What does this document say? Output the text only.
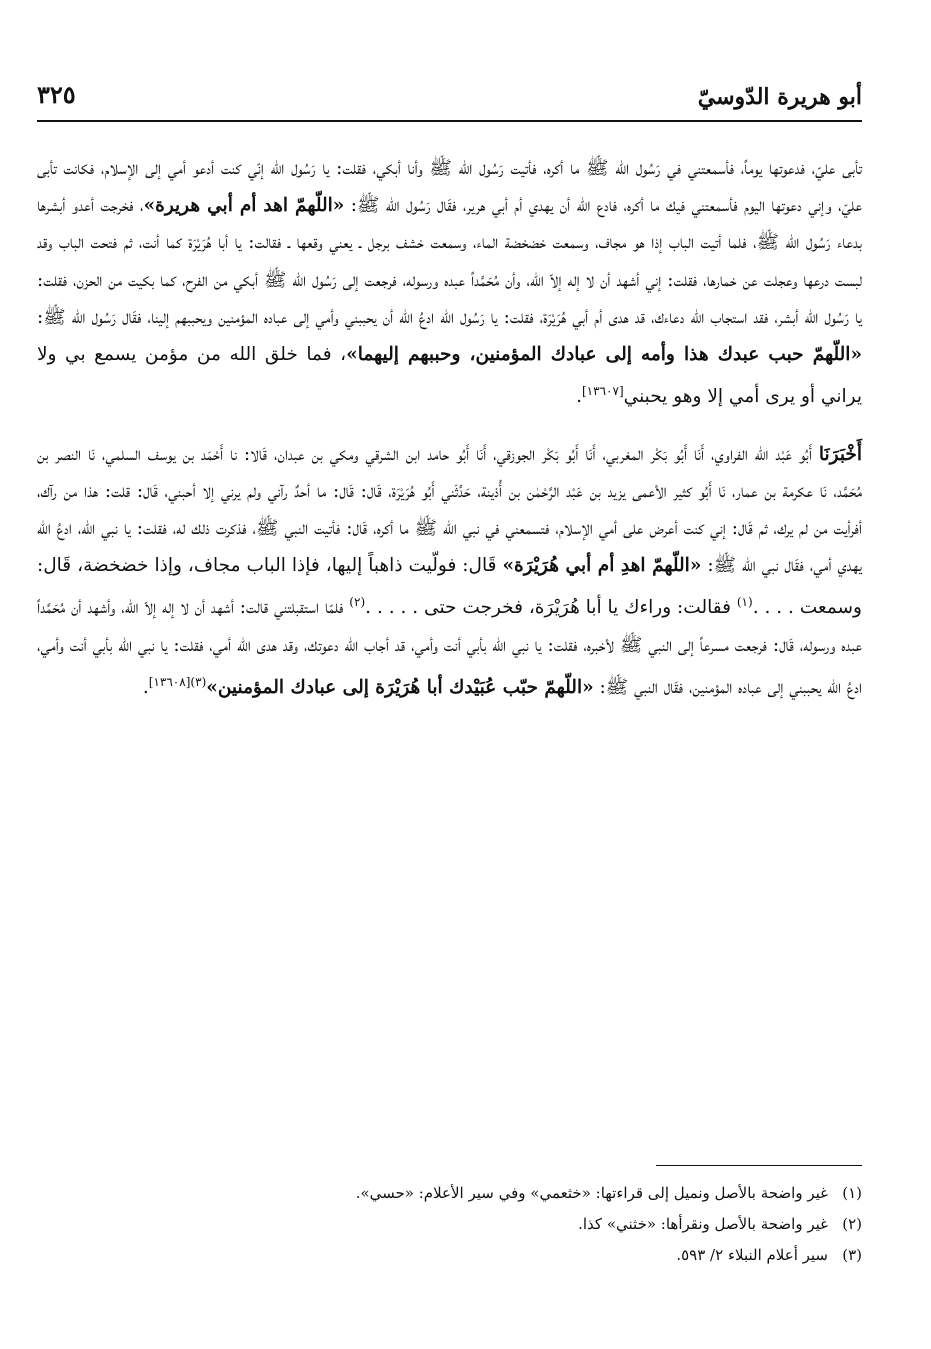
أبو هريرة الدّوسيّ
٣٢٥

تأبى عليّ، فدعوتها يوماً، فأسمعتني في رَسُول الله ﷺ ما أكره، فأتيت رَسُول الله ﷺ وأنا أبكي، فقلت: يا رَسُول الله إنّي كنت أدعو أمي إلى الإسلام، فكانت تأبى عليّ، وإني دعوتها اليوم فأسمعتني فيك ما أكره، فادع الله أن يهدي أم أبي هرير، فقَال رَسُول الله ﷺ: «اللّهمّ اهد أم أبي هريرة»، فخرجت أعدو أبشرها بدعاء رَسُول الله ﷺ، فلما أتيت الباب إذا هو مجاف، وسمعت خضخضة الماء، وسمعت خشف برجل ـ يعني وقعها ـ فقالت: يا أبا هُرَيْرَة كما أنت، ثم فتحت الباب وقد لبست درعها وعجلت عن خمارها، فقلت: إني أشهد أن لا إله إلاّ الله، وأن مُحَمَّداً عبده ورسوله، فرجعت إلى رَسُول الله ﷺ أبكي من الفرح، كما بكيت من الحزن، فقلت: يا رَسُول الله أبشر، فقد استجاب الله دعاءك، قد هدى أم أبي هُرَيْرَة، فقلت: يا رَسُول الله ادعُ الله أن يحببني وأمي إلى عباده المؤمنين ويحببهم إلينا، فقَال رَسُول الله ﷺ: «اللّهمّ حبب عبدك هذا وأمه إلى عبادك المؤمنين، وحببهم إليهما»، فما خلق الله من مؤمن يسمع بي ولا يراني أو يرى أمي إلا وهو يحبني[١٣٦٠٧].

أَخْبَرَنَا أَبُو عَبْد اللّه الفراوي، أَنَا أَبُو بَكْر المغربي، أَنَا أَبُو بَكْر الجوزقي، أَنَا أَبُو حامد ابن الشرقي ومكي بن عبدان، قَالا: نا أَحْمَد بن يوسف السلمي، نَا النصر بن مُحَمَّد، نَا عكرمة بن عمار، نَا أَبُو كثير الأعمى يزيد بن عَبْد الرَّحْمٰن بن أُذينة، حَدَّثَني أَبُو هُرَيْرَة، قَال: قَال: ما أحدٌ رآني ولم يرني إلا أحبني، قَال: قلت: هذا من رآك، أفرأيت من لم يرك، ثم قَال: إني كنت أعرض على أمي الإسلام، فتسمعني في نبي الله ﷺ ما أكره، قَال: فأتيت النبي ﷺ، فذكرت ذلك له، فقلت: يا نبي الله، ادعُ الله يهدي أمي، فقَال نبي الله ﷺ: «اللّهمّ اهدِ أم أبي هُرَيْرَة» قَال: فولّيت ذاهباً إليها، فإذا الباب مجاف، وإذا خضخضة، قَال: وسمعت . . . .$^{(١)}$ فقالت: وراءك يا أبا هُرَيْرَة، فخرجت حتى . . . . .$^{(٢)}$ فلمّا استقبلتني قالت: أشهد أن لا إله إلاّ الله، وأشهد أن مُحَمَّداً عبده ورسوله، قَال: فرجعت مسرعاً إلى النبي ﷺ لأخبره، فقلت: يا نبي الله بأبي أنت وأمي، قد أجاب الله دعوتك، وقد هدى الله أمي، فقلت: يا نبي الله بأبي أنت وأمي، ادعُ الله يحببني إلى عباده المؤمنين، فقَال النبي ﷺ: «اللّهمّ حبّب عُبَيْدك أبا هُرَيْرَة إلى عبادك المؤمنين»$^{(٣)[١٣٦٠٨]}$.

(١)غير واضحة بالأصل ونميل إلى قراءتها: «خثعمي» وفي سير الأعلام: «حسي».
(٢)غير واضحة بالأصل ونقرأها: «خثني» كذا.
(٣)سير أعلام النبلاء ٢/ ٥٩٣.
